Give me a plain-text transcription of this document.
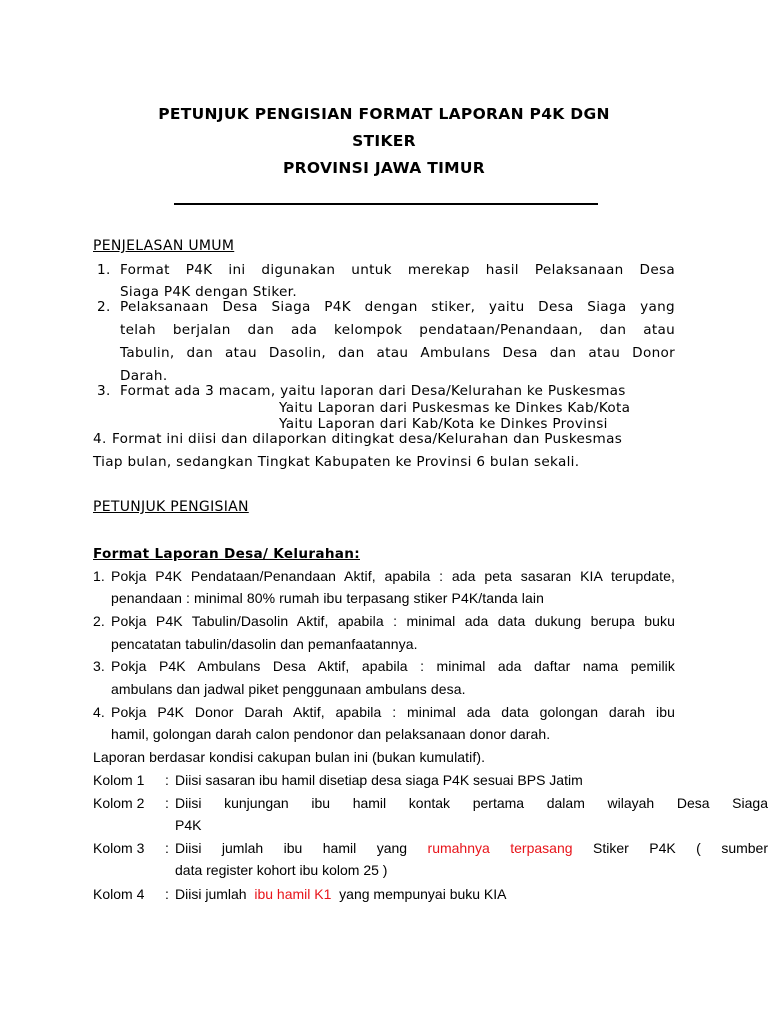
PETUNJUK PENGISIAN FORMAT LAPORAN P4K DGN
STIKER
PROVINSI JAWA TIMUR
PENJELASAN UMUM
1. Format P4K ini digunakan untuk merekap hasil Pelaksanaan Desa
Siaga P4K dengan Stiker.
2. Pelaksanaan Desa Siaga P4K dengan stiker, yaitu Desa Siaga yang
telah berjalan dan ada kelompok pendataan/Penandaan, dan atau
Tabulin, dan atau Dasolin, dan atau Ambulans Desa dan atau Donor
Darah.
3. Format ada 3 macam, yaitu laporan dari Desa/Kelurahan ke Puskesmas
Yaitu Laporan dari Puskesmas ke Dinkes Kab/Kota
Yaitu Laporan dari Kab/Kota ke Dinkes Provinsi
4. Format ini diisi dan dilaporkan ditingkat desa/Kelurahan dan Puskesmas
Tiap bulan, sedangkan Tingkat Kabupaten ke Provinsi 6 bulan sekali.
PETUNJUK PENGISIAN
Format Laporan Desa/ Kelurahan:
1. Pokja P4K Pendataan/Penandaan Aktif, apabila : ada peta sasaran KIA terupdate,
penandaan : minimal 80% rumah ibu terpasang stiker P4K/tanda lain
2. Pokja P4K Tabulin/Dasolin Aktif, apabila : minimal ada data dukung berupa buku
pencatatan tabulin/dasolin dan pemanfaatannya.
3. Pokja P4K Ambulans Desa Aktif, apabila : minimal ada daftar nama pemilik
ambulans dan jadwal piket penggunaan ambulans desa.
4. Pokja P4K Donor Darah Aktif, apabila : minimal ada data golongan darah ibu
hamil, golongan darah calon pendonor dan pelaksanaan donor darah.
Laporan berdasar kondisi cakupan bulan ini (bukan kumulatif).
Kolom 1 : Diisi sasaran ibu hamil disetiap desa siaga P4K sesuai BPS Jatim
Kolom 2 : Diisi kunjungan ibu hamil kontak pertama dalam wilayah Desa Siaga
P4K
Kolom 3 : Diisi jumlah ibu hamil yang rumahnya terpasang Stiker P4K ( sumber
data register kohort ibu kolom 25 )
Kolom 4 : Diisi jumlah  ibu hamil K1  yang mempunyai buku KIA
